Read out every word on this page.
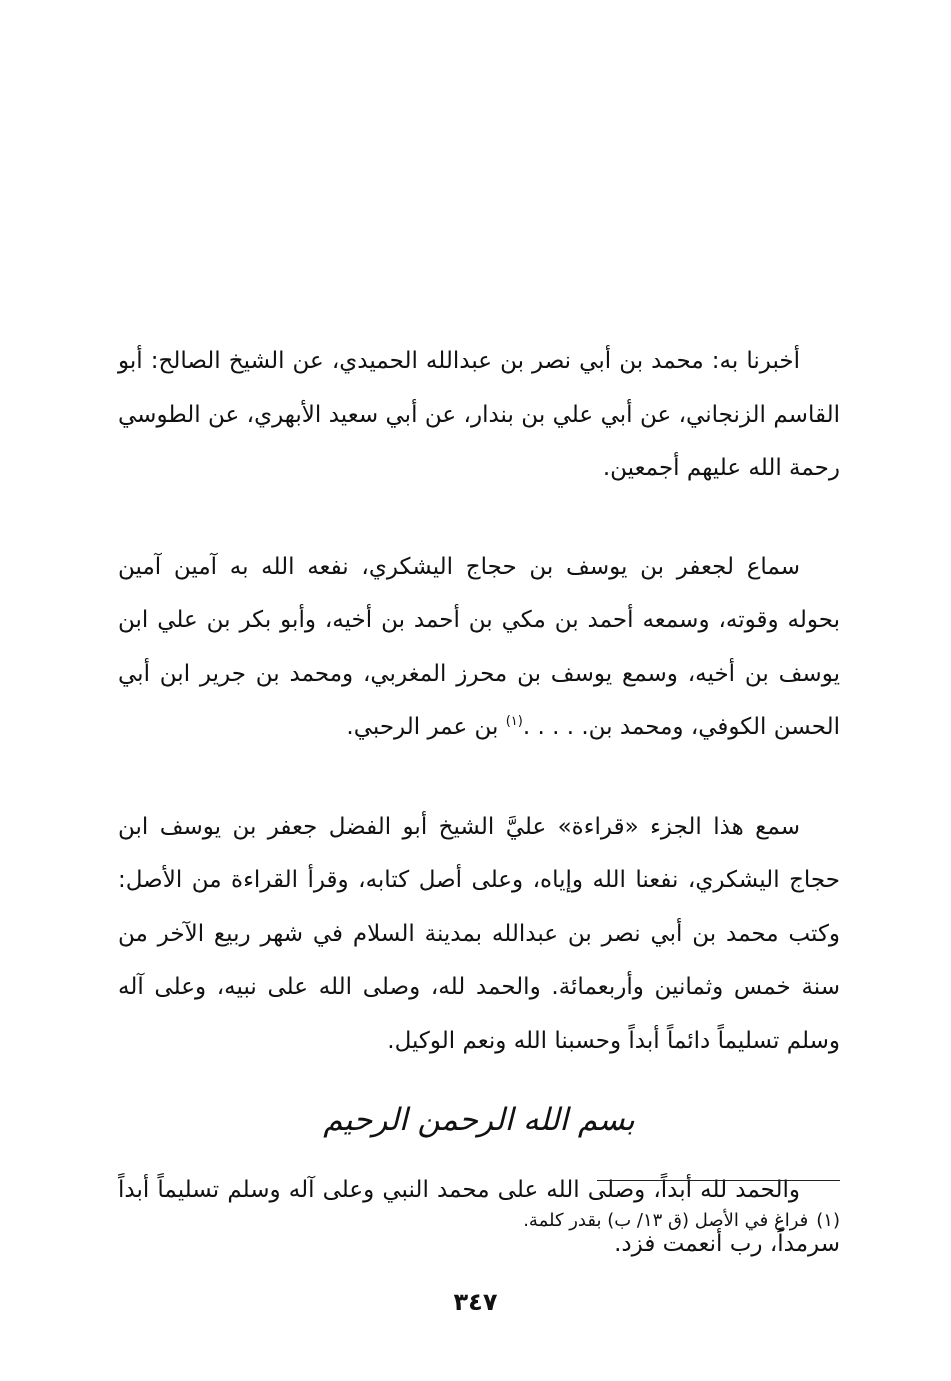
أخبرنا به: محمد بن أبي نصر بن عبدالله الحميدي، عن الشيخ الصالح: أبو القاسم الزنجاني، عن أبي علي بن بندار، عن أبي سعيد الأبهري، عن الطوسي رحمة الله عليهم أجمعين.

سماع لجعفر بن يوسف بن حجاج اليشكري، نفعه الله به آمين آمين بحوله وقوته، وسمعه أحمد بن مكي بن أحمد بن أخيه، وأبو بكر بن علي ابن يوسف بن أخيه، وسمع يوسف بن محرز المغربي، ومحمد بن جرير ابن أبي الحسن الكوفي، ومحمد بن. . . . .$^{(١)}$ بن عمر الرحبي.

سمع هذا الجزء «قراءة» عليَّ الشيخ أبو الفضل جعفر بن يوسف ابن حجاج اليشكري، نفعنا الله وإياه، وعلى أصل كتابه، وقرأ القراءة من الأصل: وكتب محمد بن أبي نصر بن عبدالله بمدينة السلام في شهر ربيع الآخر من سنة خمس وثمانين وأربعمائة. والحمد لله، وصلى الله على نبيه، وعلى آله وسلم تسليماً دائماً أبداً وحسبنا الله ونعم الوكيل.

بسم الله الرحمن الرحيم

والحمد لله أبداً، وصلى الله على محمد النبي وعلى آله وسلم تسليماً أبداً سرمداً، رب أنعمت فزد.

(١)فراغ في الأصل (ق ١٣/ ب) بقدر كلمة.
٣٤٧
